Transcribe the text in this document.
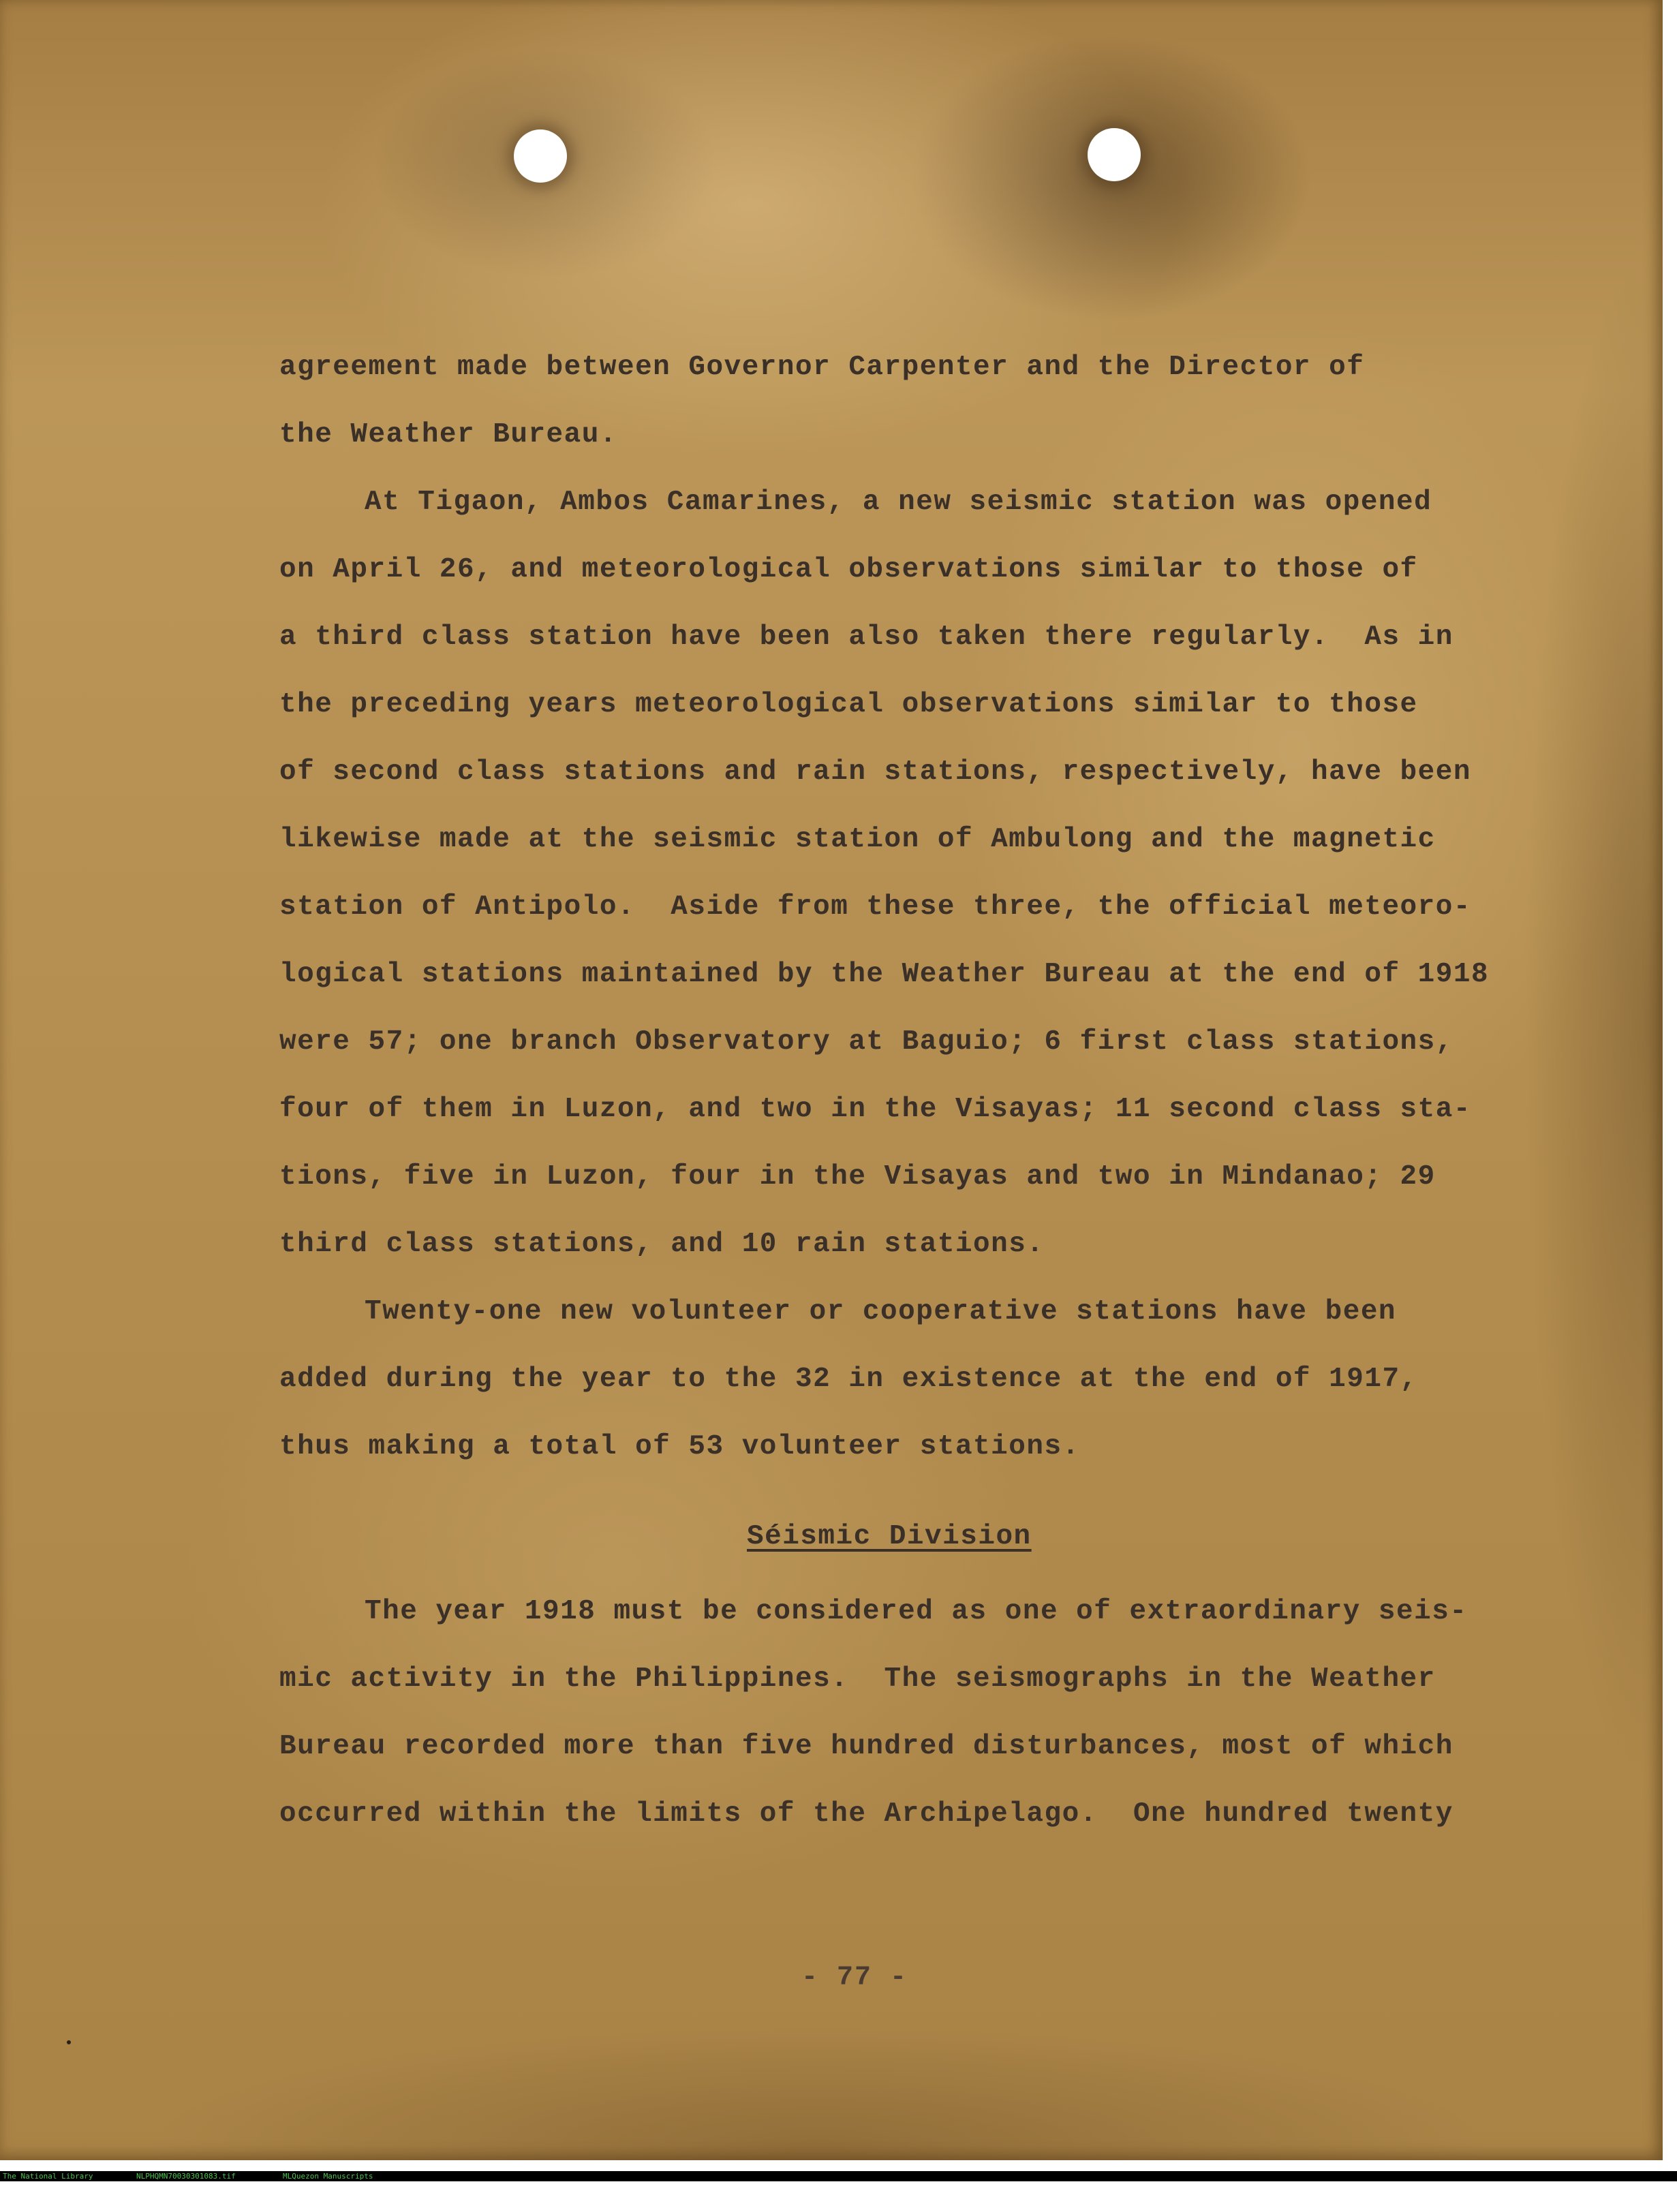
agreement made between Governor Carpenter and the Director of
the Weather Bureau.
At Tigaon, Ambos Camarines, a new seismic station was opened
on April 26, and meteorological observations similar to those of
a third class station have been also taken there regularly.  As in
the preceding years meteorological observations similar to those
of second class stations and rain stations, respectively, have been
likewise made at the seismic station of Ambulong and the magnetic
station of Antipolo.  Aside from these three, the official meteoro-
logical stations maintained by the Weather Bureau at the end of 1918
were 57; one branch Observatory at Baguio; 6 first class stations,
four of them in Luzon, and two in the Visayas; 11 second class sta-
tions, five in Luzon, four in the Visayas and two in Mindanao; 29
third class stations, and 10 rain stations.
Twenty-one new volunteer or cooperative stations have been
added during the year to the 32 in existence at the end of 1917,
thus making a total of 53 volunteer stations.
Séismic Division
The year 1918 must be considered as one of extraordinary seis-
mic activity in the Philippines.  The seismographs in the Weather
Bureau recorded more than five hundred disturbances, most of which
occurred within the limits of the Archipelago.  One hundred twenty
- 77 -

The National Library

	NLPHQMN70030301083.tif

	MLQuezon Manuscripts
